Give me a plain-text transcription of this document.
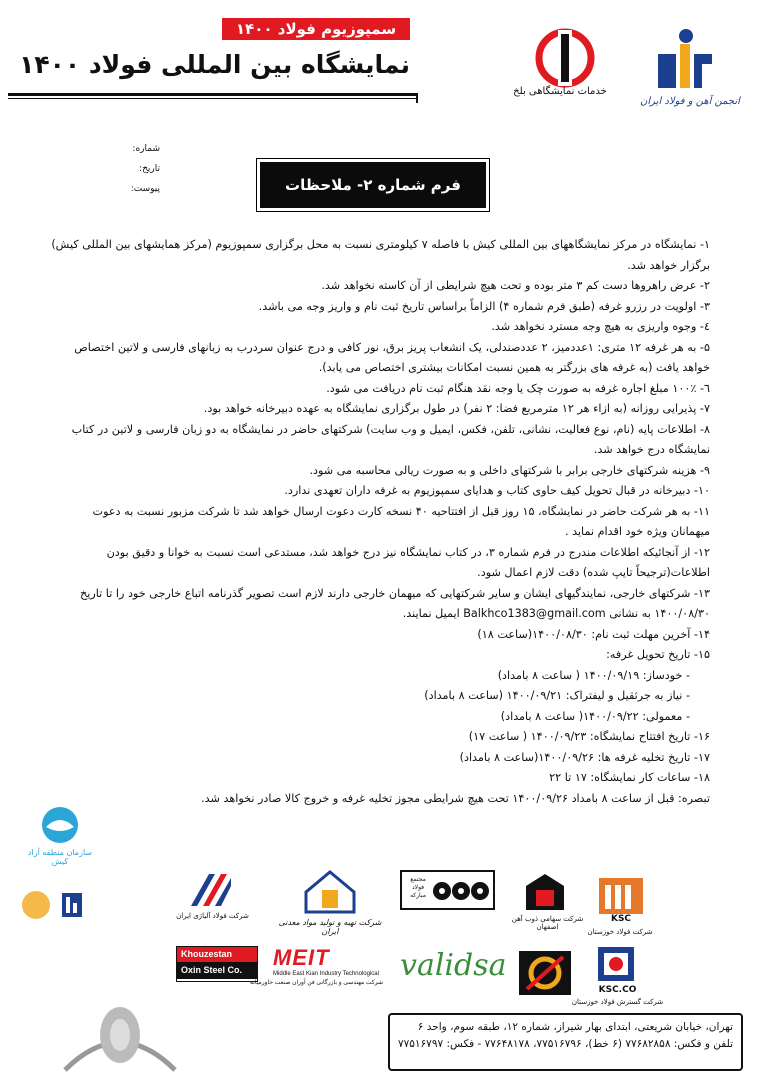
سمپوزیوم فولاد ۱۴۰۰
نمایشگاه بین المللی فولاد ۱۴۰۰
خدمات نمایشگاهی بلخ
انجمن آهن و فولاد ایران
شماره:
تاریخ:
پیوست:	فرم شماره ۲- ملاحظات

۱- نمایشگاه در مرکز نمایشگاههای بین المللی کیش با فاصله ۷ کیلومتری نسبت به محل برگزاری سمپوزیوم (مرکز همایشهای بین المللی کیش) برگزار خواهد شد.

۲- عرض راهروها دست کم ۳ متر بوده و تحت هیچ شرایطی از آن کاسته نخواهد شد.

۳- اولویت در رزرو غرفه (طبق فرم شماره ۴) الزاماً براساس تاریخ ثبت نام و واریز وجه می باشد.

٤- وجوه واریزی به هیچ وجه مسترد نخواهد شد.

۵- به هر غرفه ۱۲ متری: ۱عددمیز، ۲ عددصندلی، یک انشعاب پریز برق، نور کافی و درج عنوان سردرب به زبانهای فارسی و لاتین اختصاص خواهد یافت (به غرفه های بزرگتر به همین نسبت امکانات بیشتری اختصاص می یابد).

٦- ۱۰۰٪ مبلغ اجاره غرفه به صورت چک یا وجه نقد هنگام ثبت نام دریافت می شود.

۷- پذیرایی روزانه (به ازاء هر ۱۲ مترمربع فضا: ۲ نفر) در طول برگزاری نمایشگاه به عهده دبیرخانه خواهد بود.

۸- اطلاعات پایه (نام، نوع فعالیت، نشانی، تلفن، فکس، ایمیل و وب سایت) شرکتهای حاضر در نمایشگاه به دو زبان فارسی و لاتین در کتاب نمایشگاه درج خواهد شد.

۹- هزینه شرکتهای خارجی برابر با شرکتهای داخلی و به صورت ریالی محاسبه می شود.

۱۰- دبیرخانه در قبال تحویل کیف حاوی کتاب و هدایای سمپوزیوم به غرفه داران تعهدی ندارد.

۱۱- به هر شرکت حاضر در نمایشگاه، ۱۵ روز قبل از افتتاحیه ۴۰ نسخه کارت دعوت ارسال خواهد شد تا شرکت مزبور نسبت به دعوت میهمانان ویژه خود اقدام نماید .

۱۲- از آنجائیکه اطلاعات مندرج در فرم شماره ۳، در کتاب نمایشگاه نیز درج خواهد شد، مستدعی است نسبت به خوانا و دقیق بودن اطلاعات(ترجیحاً تایپ شده) دقت لازم اعمال شود.

۱۳- شرکتهای خارجی، نمایندگیهای ایشان و سایر شرکتهایی که میهمان خارجی دارند لازم است تصویر گذرنامه اتباع خارجی خود را تا تاریخ ۱۴۰۰/۰۸/۳۰ به نشانی Balkhco1383@gmail.com ایمیل نمایند.

۱۴- آخرین مهلت ثبت نام: ۱۴۰۰/۰۸/۳۰(ساعت ۱۸)

۱۵- تاریخ تحویل غرفه:

- خودساز: ۱۴۰۰/۰۹/۱۹ ( ساعت ۸ بامداد)

- نیاز به جرثقیل و لیفتراک: ۱۴۰۰/۰۹/۲۱ (ساعت ۸ بامداد)

- معمولی: ۱۴۰۰/۰۹/۲۲( ساعت ۸ بامداد)

۱۶- تاریخ افتتاح نمایشگاه: ۱۴۰۰/۰۹/۲۳ ( ساعت ۱۷)

۱۷- تاریخ تخلیه غرفه ها: ۱۴۰۰/۰۹/۲۶(ساعت ۸ بامداد)

۱۸- ساعات کار نمایشگاه: ۱۷ تا ۲۲

تبصره: قبل از ساعت ۸ بامداد ۱۴۰۰/۰۹/۲۶ تحت هیچ شرایطی مجوز تخلیه غرفه و خروج کالا صادر نخواهد شد.

سازمان منطقه آزاد کیش
KSC
شرکت فولاد خوزستان
KSC.CO
شرکت گسترش فولاد خوزستان
شرکت سهامی ذوب آهن اصفهان
مجتمع فولاد مبارکه
شرکت تهیه و تولید مواد معدنی ایران
شرکت فولاد آلیاژی ایران
Khouzestan
Oxin Steel Co.	MEIT
Middle East Kian Industry Technological
شرکت مهندسی و بازرگانی فن آوران صنعت خاورمیانه validsa
تهران، خیابان شریعتی، ابتدای بهار شیراز، شماره ۱۲، طبقه سوم، واحد ۶
تلفن و فکس: ۷۷۶۸۲۸۵۸ (۶ خط)، ۷۷۵۱۶۷۹۶، ۷۷۶۴۸۱۷۸ - فکس: ۷۷۵۱۶۷۹۷
